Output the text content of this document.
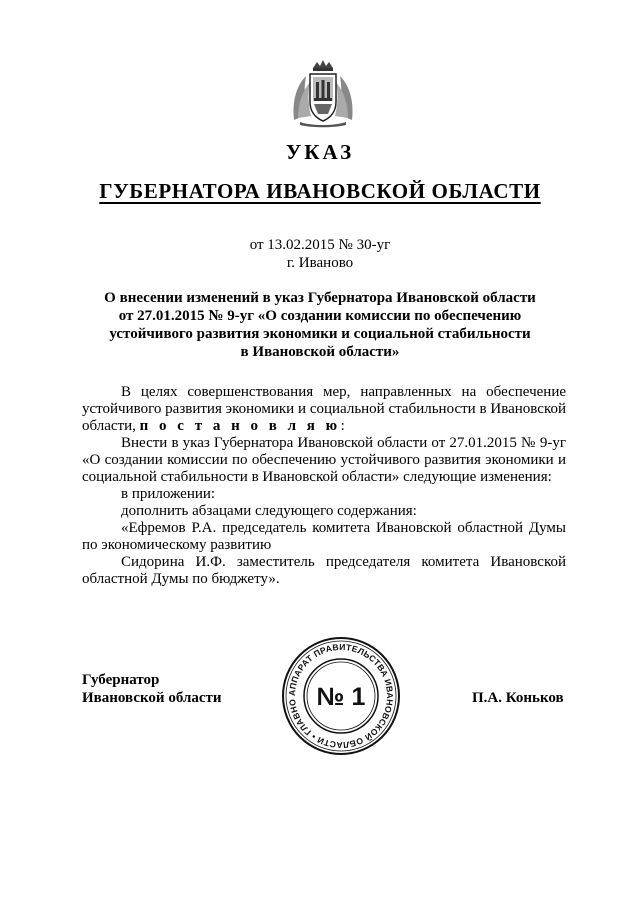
УКАЗ
ГУБЕРНАТОРА ИВАНОВСКОЙ ОБЛАСТИ
от 13.02.2015 № 30-уг
г. Иваново
О внесении изменений в указ Губернатора Ивановской области
от 27.01.2015 № 9-уг «О создании комиссии по обеспечению
устойчивого развития экономики и социальной стабильности
в Ивановской области»

В целях совершенствования мер, направленных на обеспечение устойчивого развития экономики и социальной стабильности в Ивановской области, п о с т а н о в л я ю:

Внести в указ Губернатора Ивановской области от 27.01.2015 № 9-уг «О создании комиссии по обеспечению устойчивого развития экономики и социальной стабильности в Ивановской области» следующие изменения:

в приложении:

дополнить абзацами следующего содержания:

«Ефремов Р.А. председатель комитета Ивановской областной Думы по экономическому развитию

Сидорина И.Ф. заместитель председателя комитета Ивановской областной Думы по бюджету».

Губернатор
Ивановской области	АППАРАТ ПРАВИТЕЛЬСТВА ИВАНОВСКОЙ ОБЛАСТИ • ГЛАВНО № 1	П.А. Коньков
